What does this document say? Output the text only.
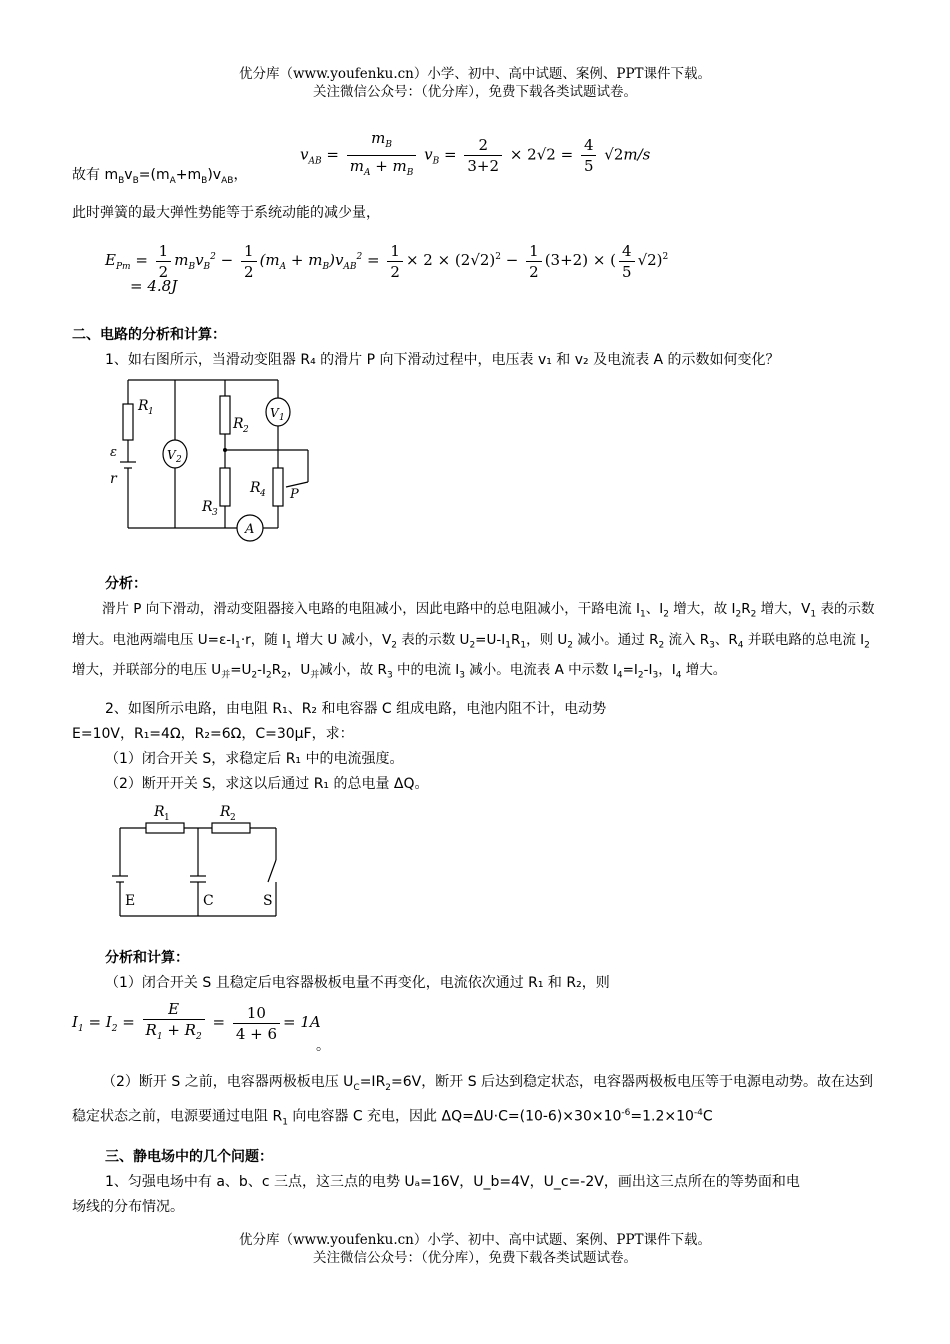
优分库（www.youfenku.cn）小学、初中、高中试题、案例、PPT课件下载。
关注微信公众号：（优分库），免费下载各类试题试卷。
$v_{AB} = \frac{m_B}{m_A + m_B} v_B = \frac{2}{3+2} \times 2√2 = \frac{4}{5} √2m/s$
故有 $m_Bv_B=(m_A+m_B)v_{AB}$，
此时弹簧的最大弹性势能等于系统动能的减少量，
$E_{Pm} = \frac{1}{2} m_Bv_B^2 - \frac{1}{2} (m_A + m_B)v_{AB}^2 = \frac{1}{2} \times 2 \times (2√2)^2 - \frac{1}{2} (3+2)$ × ( $\frac{4}{5} √2)^2$
= 4.8J
二、电路的分析和计算：
1、如右图所示，当滑动变阻器 R₄ 的滑片 P 向下滑动过程中，电压表 v₁ 和 v₂ 及电流表 A 的示数如何变化？
R 1
V 2
R 2
V 1
ε
r
R 3
R 4 P
A
分析：
滑片 P 向下滑动，滑动变阻器接入电路的电阻减小，因此电路中的总电阻减小，干路电流 $I_1$、$I_2$ 增大，故 $I_2R_2$ 增大，$V_1$ 表的示数增大。电池两端电压 $U=\varepsilon-I_1\cdot r$，随 $I_1$ 增大 U 减小，$V_2$ 表的示数 $U_2=U-I_1R_1$，则 $U_2$ 减小。通过 $R_2$ 流入 $R_3$、$R_4$ 并联电路的总电流 $I_2$ 增大，并联部分的电压 $U_并=U_2-I_2R_2$，$U_并$减小，故 $R_3$ 中的电流 $I_3$ 减小。电流表 A 中示数 $I_4=I_2-I_3$，$I_4$ 增大。
2、如图所示电路，由电阻 R₁、R₂ 和电容器 C 组成电路，电池内阻不计，电动势
E=10V，R₁=4Ω，R₂=6Ω，C=30μF，求：
（1）闭合开关 S，求稳定后 R₁ 中的电流强度。
（2）断开开关 S，求这以后通过 R₁ 的总电量 ΔQ。
R 1	R 2
E	C	S
分析和计算：
（1）闭合开关 S 且稳定后电容器极板电量不再变化，电流依次通过 R₁ 和 R₂，则
$I_1 = I_2 = \frac{E}{R_1 + R_2} = \frac{10}{4 + 6} = 1A$
。
（2）断开 S 之前，电容器两极板电压 $U_C=IR_2=6V$，断开 S 后达到稳定状态，电容器两极板电压等于电源电动势。故在达到稳定状态之前，电源要通过电阻 $R_1$ 向电容器 C 充电，因此 $\Delta Q=\Delta U\cdot C=(10-6)\times 30\times 10^{-6}=1.2\times 10^{-4}C$
三、静电场中的几个问题：
1、匀强电场中有 a、b、c 三点，这三点的电势 Uₐ=16V，U_b=4V，U_c=-2V，画出这三点所在的等势面和电
场线的分布情况。
优分库（www.youfenku.cn）小学、初中、高中试题、案例、PPT课件下载。
关注微信公众号：（优分库），免费下载各类试题试卷。
